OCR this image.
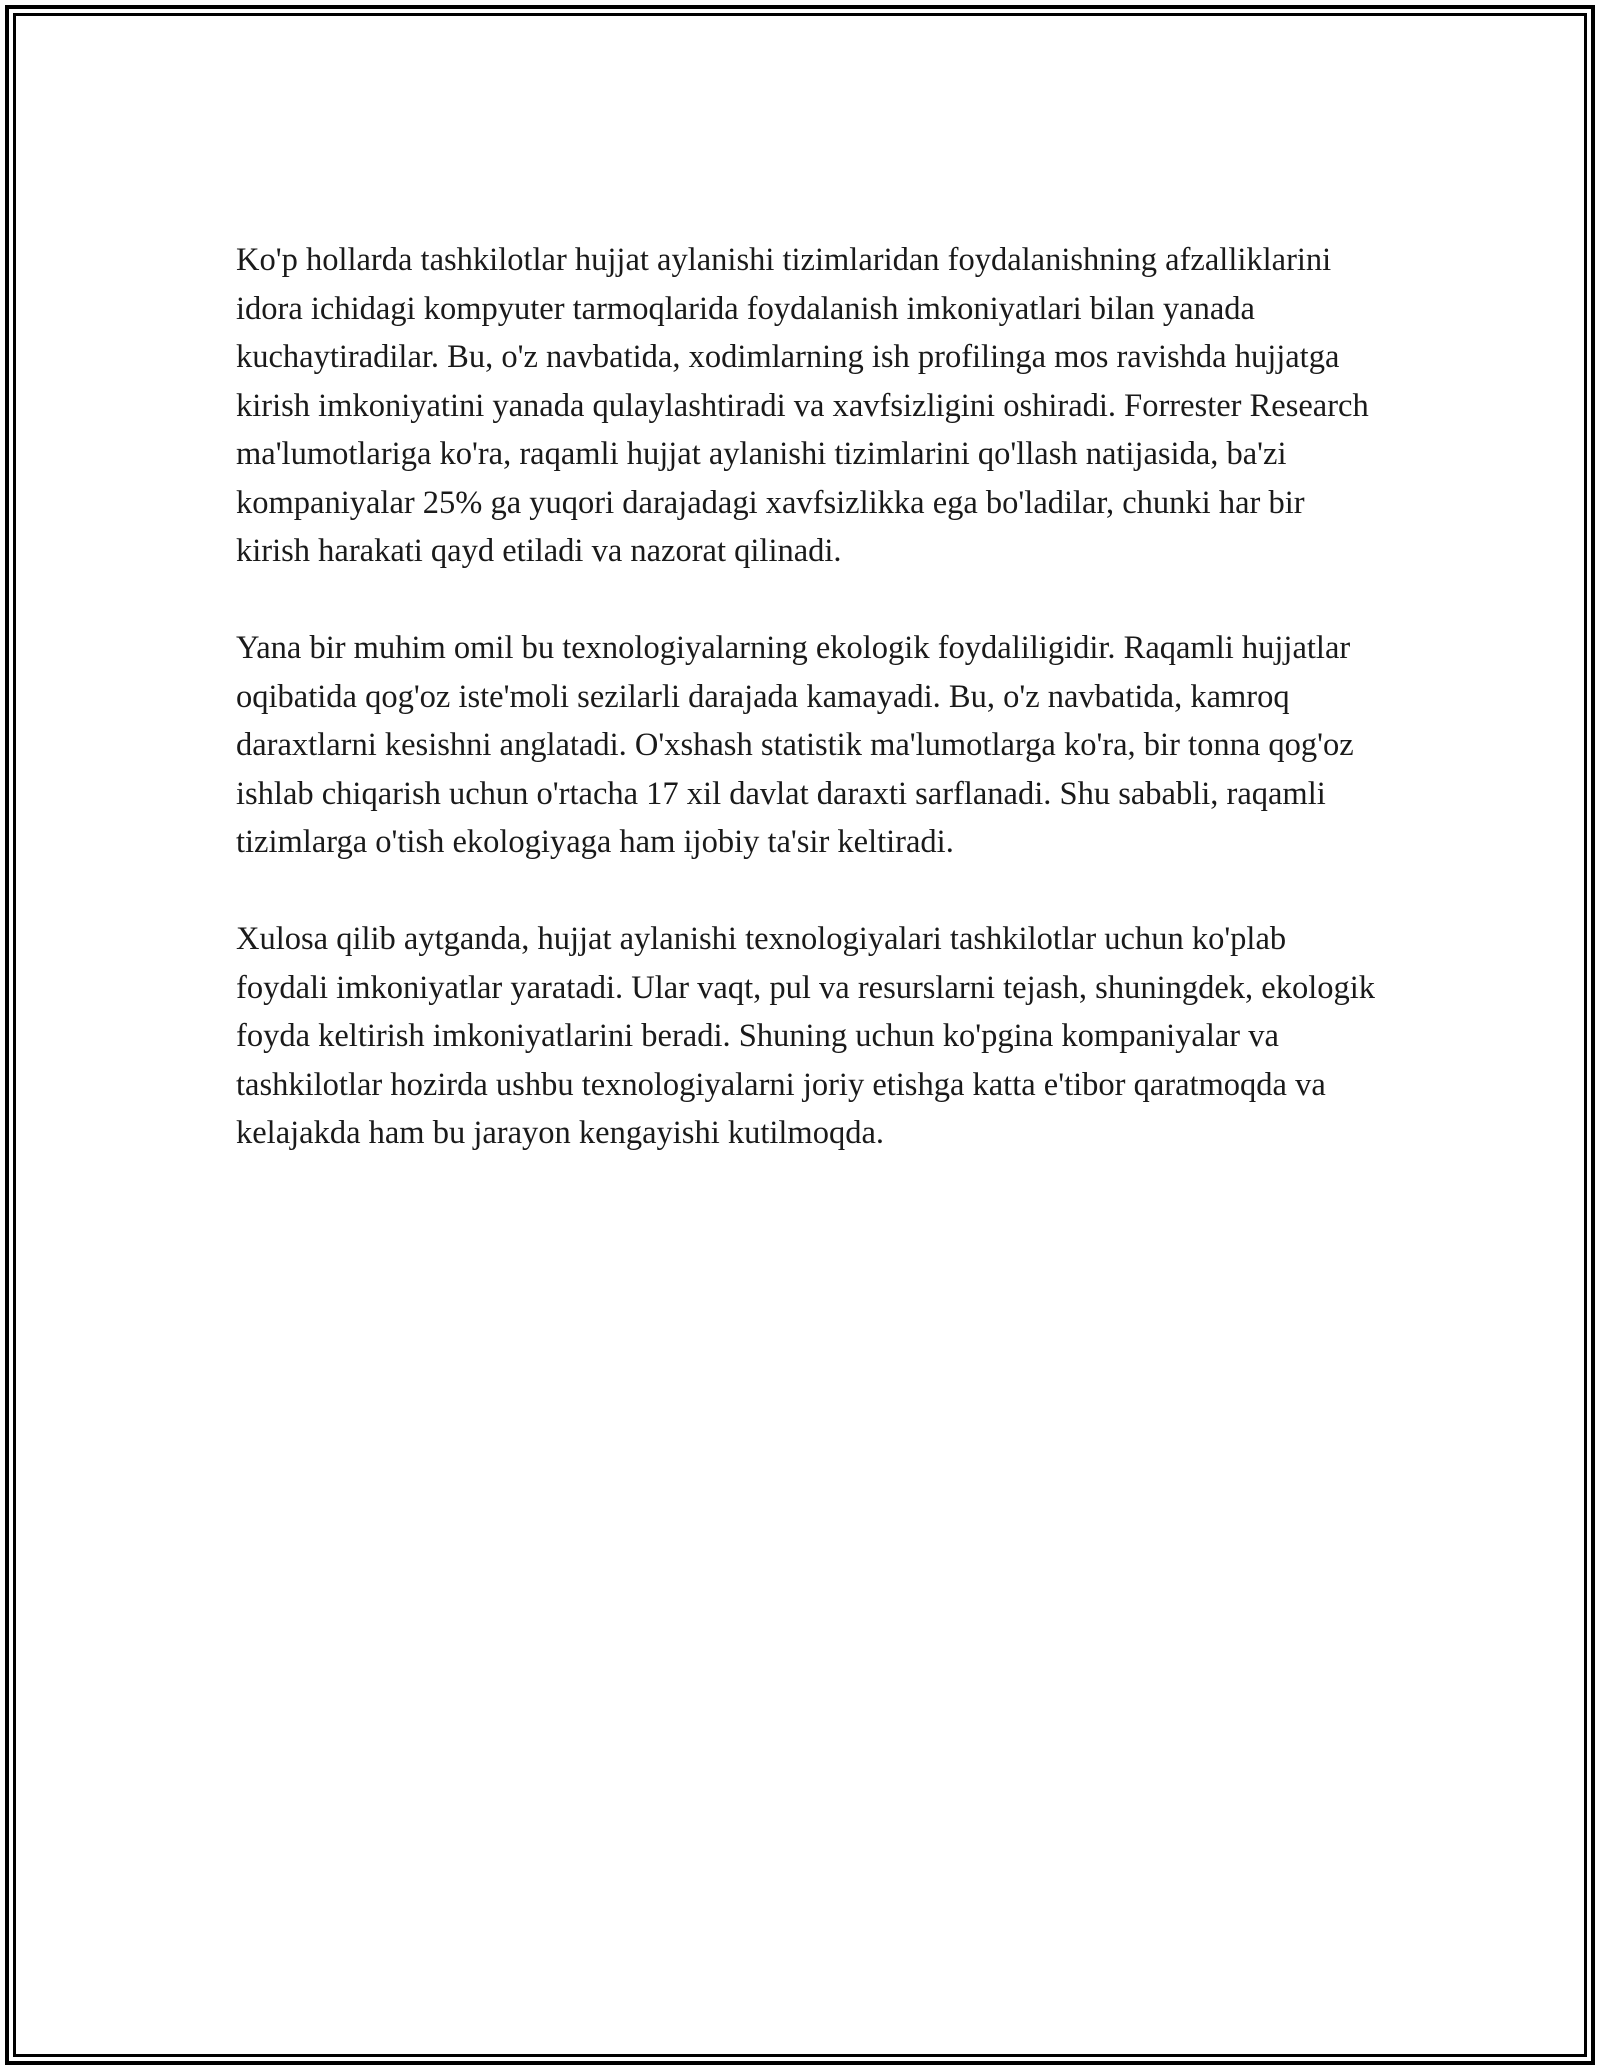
Ko'p hollarda tashkilotlar hujjat aylanishi tizimlaridan foydalanishning afzalliklarini idora ichidagi kompyuter tarmoqlarida foydalanish imkoniyatlari bilan yanada kuchaytiradilar. Bu, o'z navbatida, xodimlarning ish profilinga mos ravishda hujjatga kirish imkoniyatini yanada qulaylashtiradi va xavfsizligini oshiradi. Forrester Research ma'lumotlariga ko'ra, raqamli hujjat aylanishi tizimlarini qo'llash natijasida, ba'zi kompaniyalar 25% ga yuqori darajadagi xavfsizlikka ega bo'ladilar, chunki har bir kirish harakati qayd etiladi va nazorat qilinadi.

Yana bir muhim omil bu texnologiyalarning ekologik foydaliligidir. Raqamli hujjatlar oqibatida qog'oz iste'moli sezilarli darajada kamayadi. Bu, o'z navbatida, kamroq daraxtlarni kesishni anglatadi. O'xshash statistik ma'lumotlarga ko'ra, bir tonna qog'oz ishlab chiqarish uchun o'rtacha 17 xil davlat daraxti sarflanadi. Shu sababli, raqamli tizimlarga o'tish ekologiyaga ham ijobiy ta'sir keltiradi.

Xulosa qilib aytganda, hujjat aylanishi texnologiyalari tashkilotlar uchun ko'plab foydali imkoniyatlar yaratadi. Ular vaqt, pul va resurslarni tejash, shuningdek, ekologik foyda keltirish imkoniyatlarini beradi. Shuning uchun ko'pgina kompaniyalar va tashkilotlar hozirda ushbu texnologiyalarni joriy etishga katta e'tibor qaratmoqda va kelajakda ham bu jarayon kengayishi kutilmoqda.
